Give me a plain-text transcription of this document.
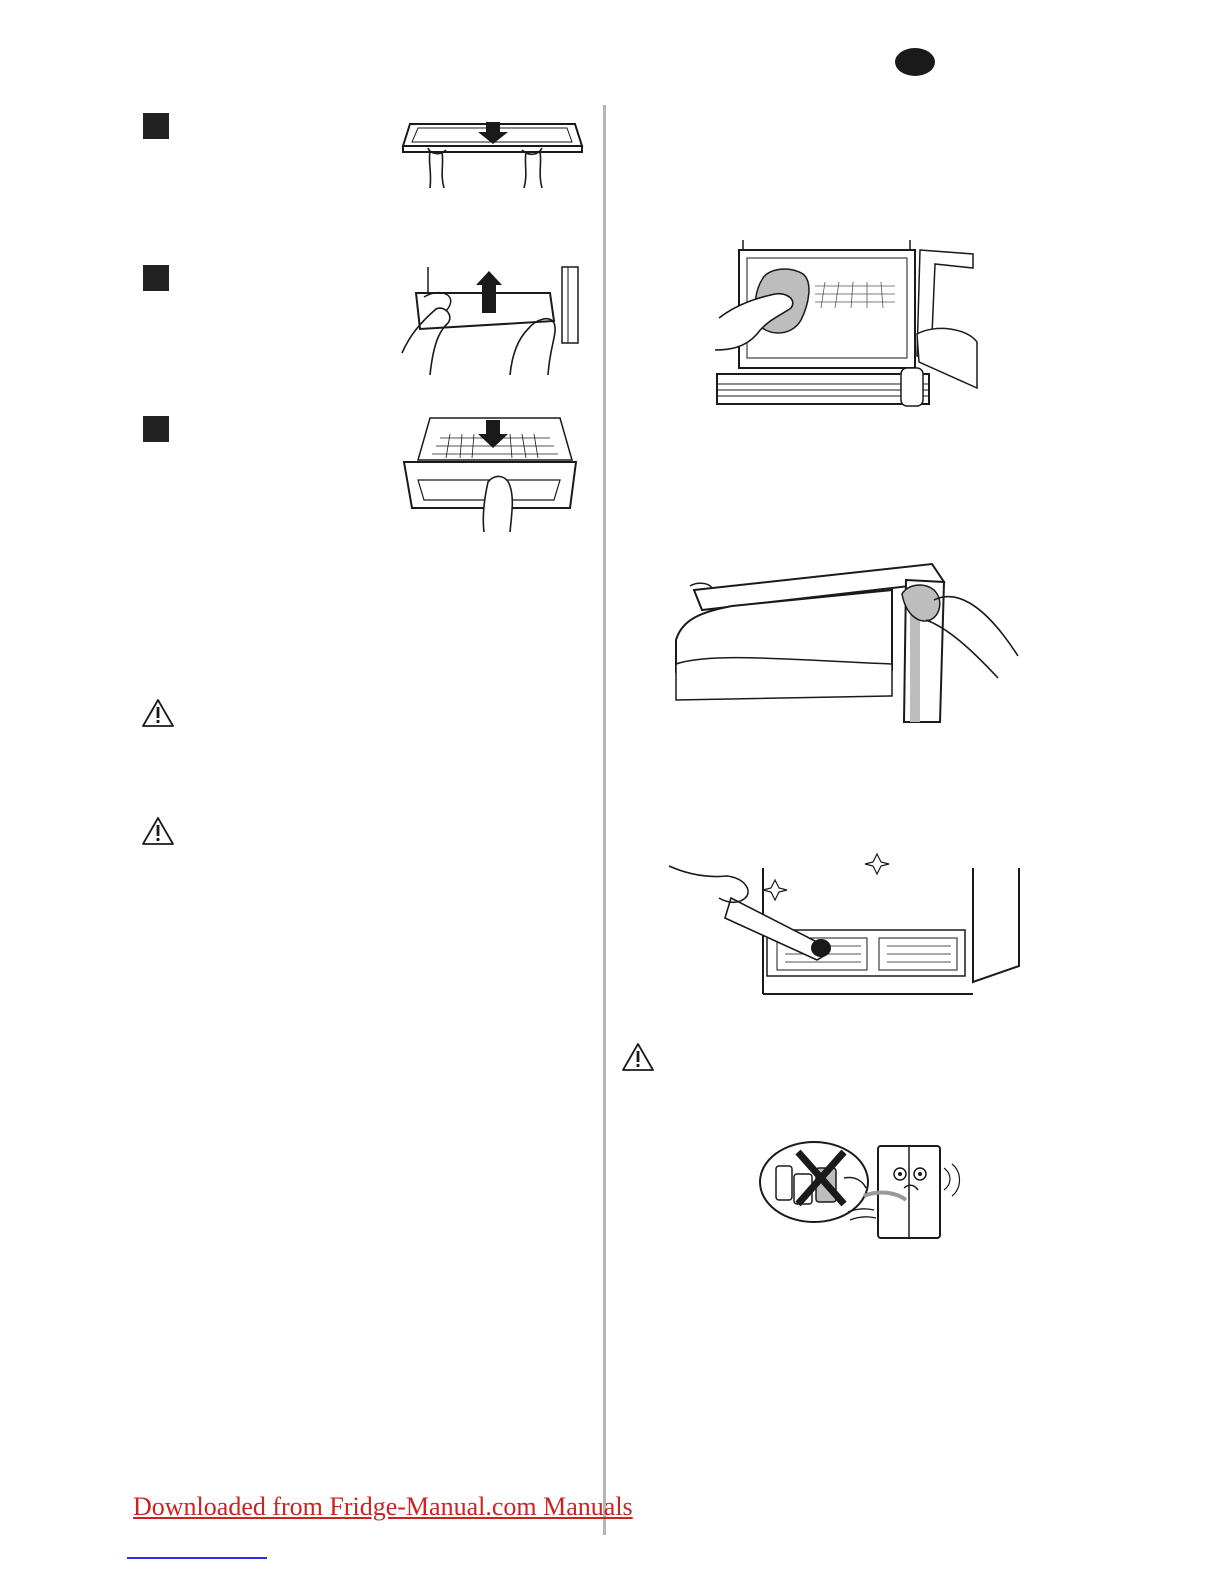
Downloaded from Fridge-Manual.com Manuals
